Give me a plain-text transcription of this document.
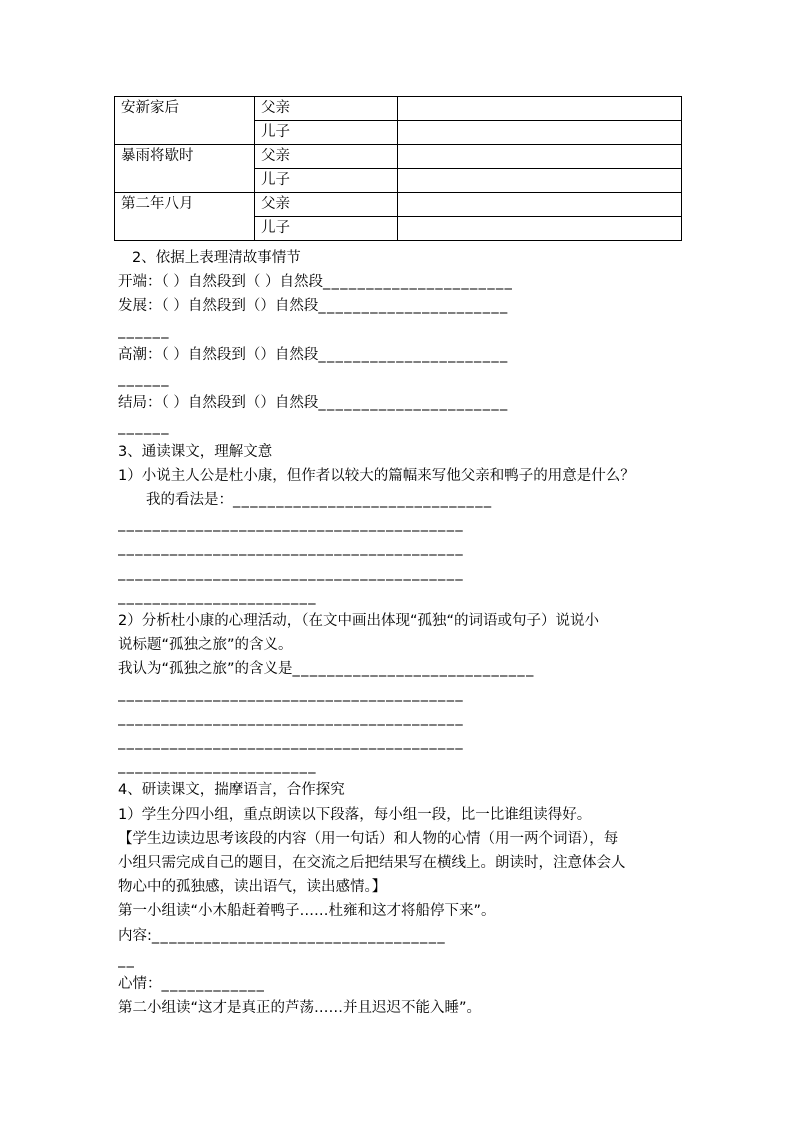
安新家后	父亲	
	儿子	
暴雨将歇时	父亲	
	儿子	
第二年八月	父亲	
	儿子	
2、依据上表理清故事情节
开端：（ ）自然段到（ ）自然段______________________
发展：（ ）自然段到（）自然段______________________
______
高潮：（ ）自然段到（）自然段______________________
______
结局：（ ）自然段到（）自然段______________________
______
3、通读课文，理解文意
1）小说主人公是杜小康，但作者以较大的篇幅来写他父亲和鸭子的用意是什么？
我的看法是：______________________________
________________________________________
________________________________________
________________________________________
_______________________
2）分析杜小康的心理活动，（在文中画出体现“孤独“的词语或句子）说说小
说标题“孤独之旅”的含义。
我认为“孤独之旅”的含义是____________________________
________________________________________
________________________________________
________________________________________
_______________________
4、研读课文，揣摩语言，合作探究
1）学生分四小组，重点朗读以下段落，每小组一段，比一比谁组读得好。
【学生边读边思考该段的内容（用一句话）和人物的心情（用一两个词语），每
小组只需完成自己的题目，在交流之后把结果写在横线上。朗读时，注意体会人
物心中的孤独感，读出语气，读出感情。】
第一小组读“小木船赶着鸭子……杜雍和这才将船停下来”。
内容:__________________________________
__
心情：____________
第二小组读“这才是真正的芦荡……并且迟迟不能入睡”。
